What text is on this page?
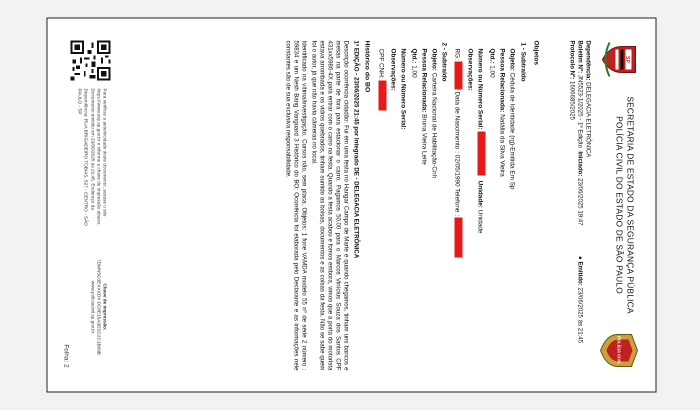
SP
POLÍCIA CIVIL
SECRETARIA DE ESTADO DA SEGURANÇA PÚBLICA
POLÍCIA CIVIL DO ESTADO DE SÃO PAULO
Dependência: DELEGACIA ELETRÔNICA
Boletim Nº: JN5523-1/2025 - 1ª Edição  Iniciado: 23/06/2025 19:47                  ● Emitido: 23/06/2025 às 21:45
Protocolo Nº: 1606685/2025
Objetos
1 - Subtraído
Objeto: Cédula de Identidade (rg)-Emitida Em Sp
Pessoa Relacionada: Natália da Silva Vieira
Qtd.: 1,00
Número ou Número Serial:    Unidade: Unidade
Observações:
RG:  Data de Nascimento : 02/05/1990 Telefone :
2 - Subtraído
Objeto: Carteira Nacional de Habilitação-Cnh
Pessoa Relacionada: Bruna Vieira Leite
Qtd.: 1,00
Número ou Número Serial:
Observações:
CPF CNH:
Histórico do BO

1ª EDIÇÃO - 23/06/2025 21:45 por Integrado DE - DELEGACIA ELETRÔNICA

Descrição ocorrência cidadão: Fui em uma festa no Hangar Campo de Marte e quando chegamos, tinham uns bancos e mesas na parte de fora para estacionar o carro. Pagamos 50,00 para o Marcos Vinícius Souza dos Santos CPF 431xx5986-4X para entrar com o carro na festa. Quando a festa acabou e fomos embora, vimos que a porta do motorista estava arrombada e os vidros quebrados, tinham sumido as bolsas, documentos e as coisas da festa. Não se sabe quem foi o autor, já que não havia câmeras no local.

Identificado na vítima/investigação, Cursos não, sem placa. Objetos: 1 fone VAMDA modelo 55 nº de série 2 número : 59834 e um Nesh Bang Vanguard 3 Histórico do BO: Ocorrência foi elaborada pelo Declarante e as informações nele constantes são de sua exclusiva responsabilidade.

Para verificar a autenticidade deste documento, acesse o site https://www.ssp.sp.gov.br e informe a chave de impressão abaixo. Documento emitido em 23/06/2025 às 21:45. Endereço da Dependência: RUA BRIGADEIRO TOBIAS, 527 - CENTRO - SÃO PAULO - SP
Chave de Impressão:
7DMN5G3EXXXDX DC8E15A3DSC2C1B09B
www.policiacivil.sp.gov.br
Folha: 2
